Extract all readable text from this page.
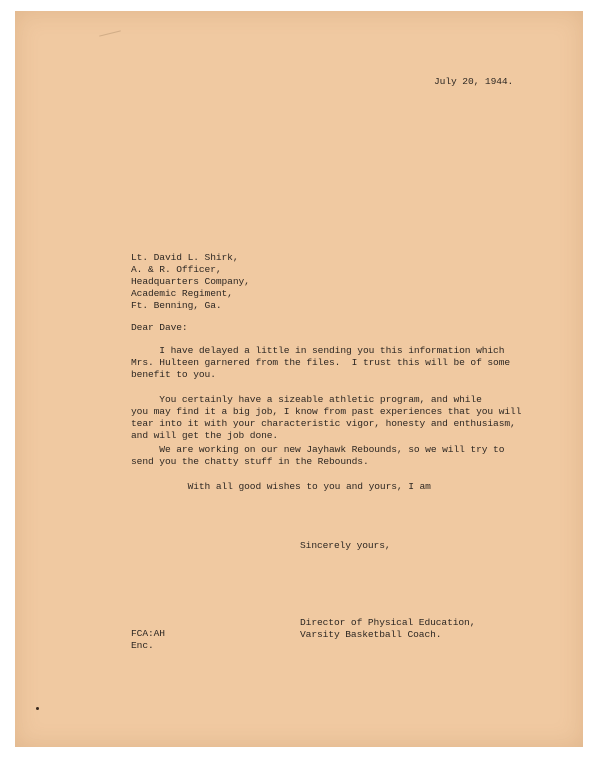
July 20, 1944.

Lt. David L. Shirk,
A. & R. Officer,
Headquarters Company,
Academic Regiment,
Ft. Benning, Ga.

Dear Dave:

I have delayed a little in sending you this information which
Mrs. Hulteen garnered from the files.  I trust this will be of some
benefit to you.
You certainly have a sizeable athletic program, and while
you may find it a big job, I know from past experiences that you will
tear into it with your characteristic vigor, honesty and enthusiasm,
and will get the job done.
We are working on our new Jayhawk Rebounds, so we will try to
send you the chatty stuff in the Rebounds.
With all good wishes to you and yours, I am

Sincerely yours,

Director of Physical Education,
Varsity Basketball Coach.
FCA:AH
Enc.
